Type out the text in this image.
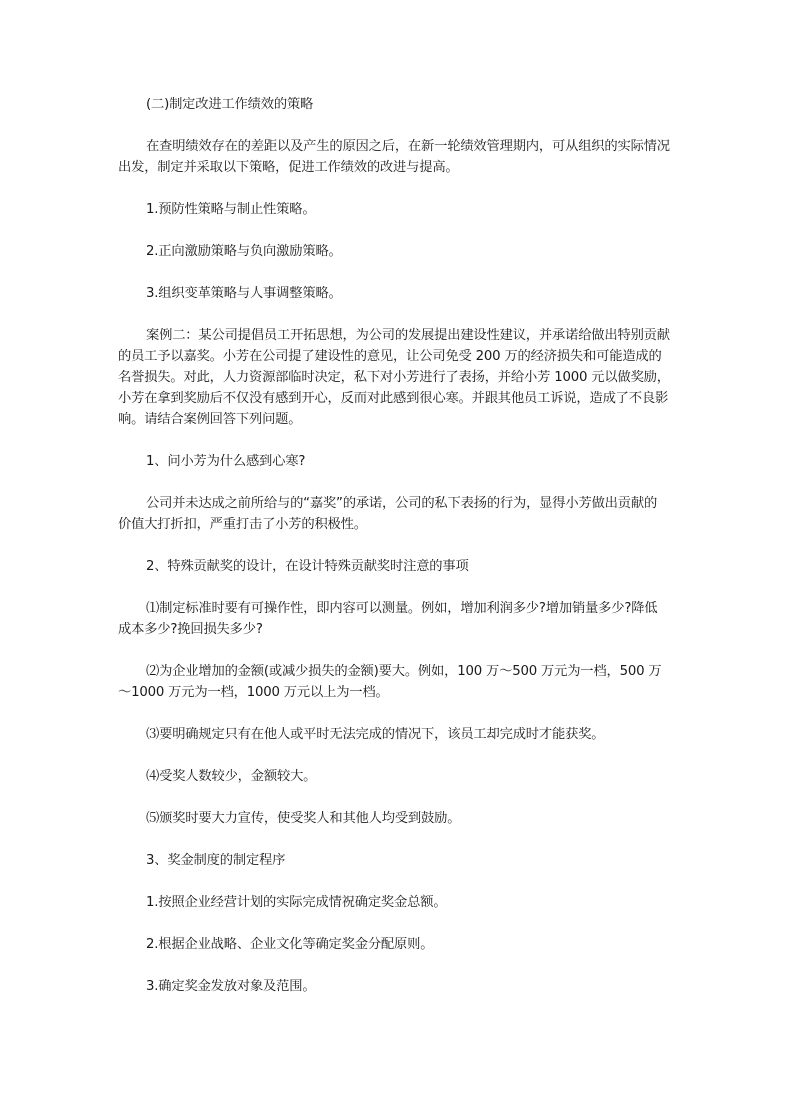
(二)制定改进工作绩效的策略

在查明绩效存在的差距以及产生的原因之后，在新一轮绩效管理期内，可从组织的实际情况出发，制定并采取以下策略，促进工作绩效的改进与提高。

1.预防性策略与制止性策略。

2.正向激励策略与负向激励策略。

3.组织变革策略与人事调整策略。

案例二：某公司提倡员工开拓思想，为公司的发展提出建设性建议，并承诺给做出特别贡献的员工予以嘉奖。小芳在公司提了建设性的意见，让公司免受 200 万的经济损失和可能造成的名誉损失。对此，人力资源部临时决定，私下对小芳进行了表扬，并给小芳 1000 元以做奖励，小芳在拿到奖励后不仅没有感到开心，反而对此感到很心寒。并跟其他员工诉说，造成了不良影响。请结合案例回答下列问题。

1、问小芳为什么感到心寒?

公司并未达成之前所给与的“嘉奖”的承诺，公司的私下表扬的行为，显得小芳做出贡献的价值大打折扣，严重打击了小芳的积极性。

2、特殊贡献奖的设计，在设计特殊贡献奖时注意的事项

⑴制定标准时要有可操作性，即内容可以测量。例如，增加利润多少?增加销量多少?降低成本多少?挽回损失多少?

⑵为企业增加的金额(或减少损失的金额)要大。例如，100 万～500 万元为一档，500 万～1000 万元为一档，1000 万元以上为一档。

⑶要明确规定只有在他人或平时无法完成的情况下，该员工却完成时才能获奖。

⑷受奖人数较少，金额较大。

⑸颁奖时要大力宣传，使受奖人和其他人均受到鼓励。

3、奖金制度的制定程序

1.按照企业经营计划的实际完成情祝确定奖金总额。

2.根据企业战略、企业文化等确定奖金分配原则。

3.确定奖金发放对象及范围。
